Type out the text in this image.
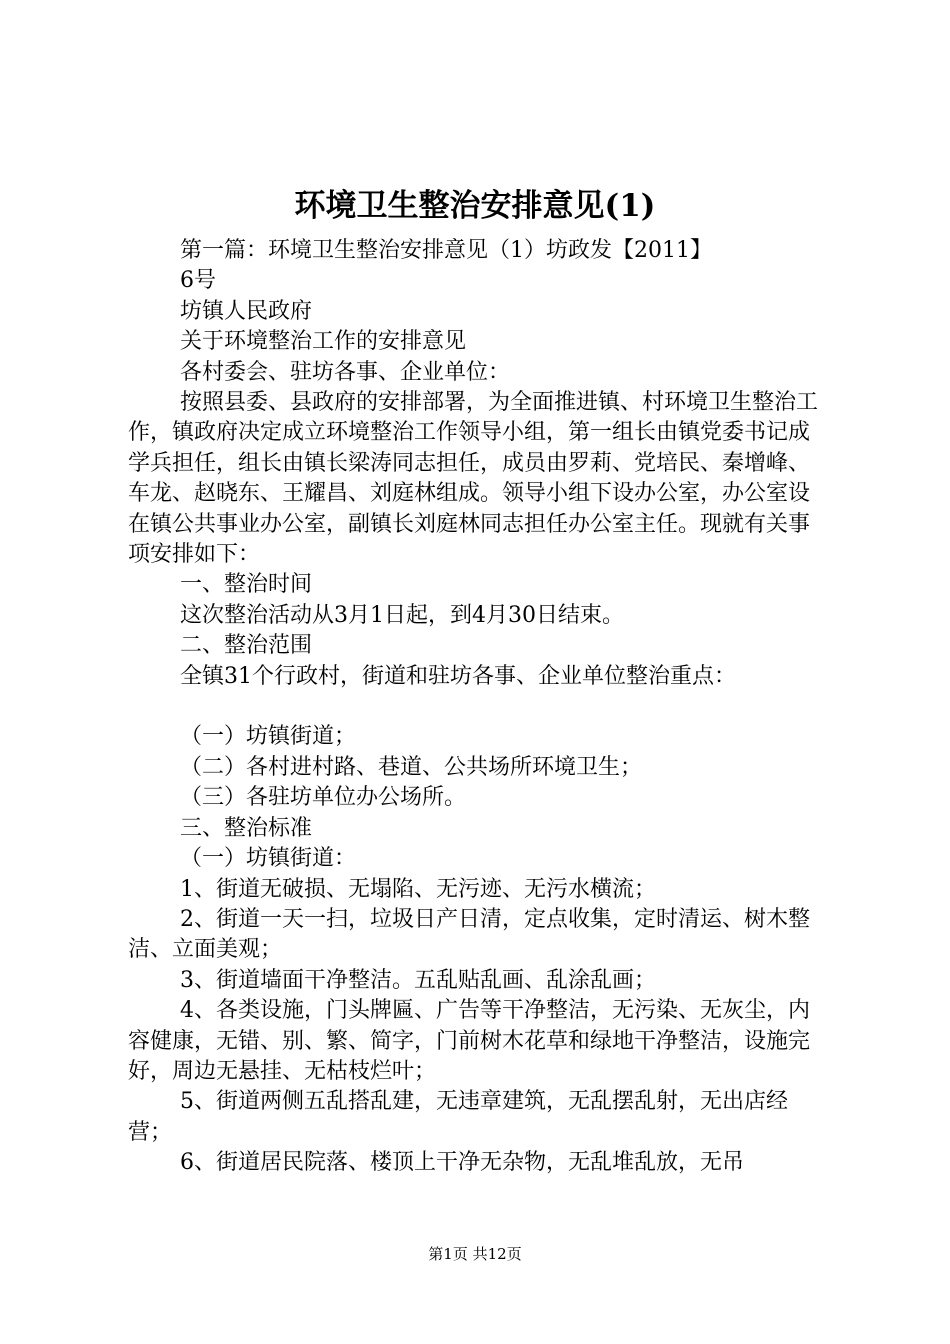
环境卫生整治安排意见(1)

第一篇：环境卫生整治安排意见（1）坊政发【2011】

6号

坊镇人民政府

关于环境整治工作的安排意见

各村委会、驻坊各事、企业单位：

按照县委、县政府的安排部署，为全面推进镇、村环境卫生整治工作，镇政府决定成立环境整治工作领导小组，第一组长由镇党委书记成学兵担任，组长由镇长梁涛同志担任，成员由罗莉、党培民、秦增峰、车龙、赵晓东、王耀昌、刘庭林组成。领导小组下设办公室，办公室设在镇公共事业办公室，副镇长刘庭林同志担任办公室主任。现就有关事项安排如下：

一、整治时间

这次整治活动从3月1日起，到4月30日结束。

二、整治范围

全镇31个行政村，街道和驻坊各事、企业单位整治重点：

（一）坊镇街道；

（二）各村进村路、巷道、公共场所环境卫生；

（三）各驻坊单位办公场所。

三、整治标准

（一）坊镇街道：

1、街道无破损、无塌陷、无污迹、无污水横流；

2、街道一天一扫，垃圾日产日清，定点收集，定时清运、树木整洁、立面美观；

3、街道墙面干净整洁。五乱贴乱画、乱涂乱画；

4、各类设施，门头牌匾、广告等干净整洁，无污染、无灰尘，内容健康，无错、别、繁、简字，门前树木花草和绿地干净整洁，设施完好，周边无悬挂、无枯枝烂叶；

5、街道两侧五乱搭乱建，无违章建筑，无乱摆乱射，无出店经营；

6、街道居民院落、楼顶上干净无杂物，无乱堆乱放，无吊

第1页 共12页
